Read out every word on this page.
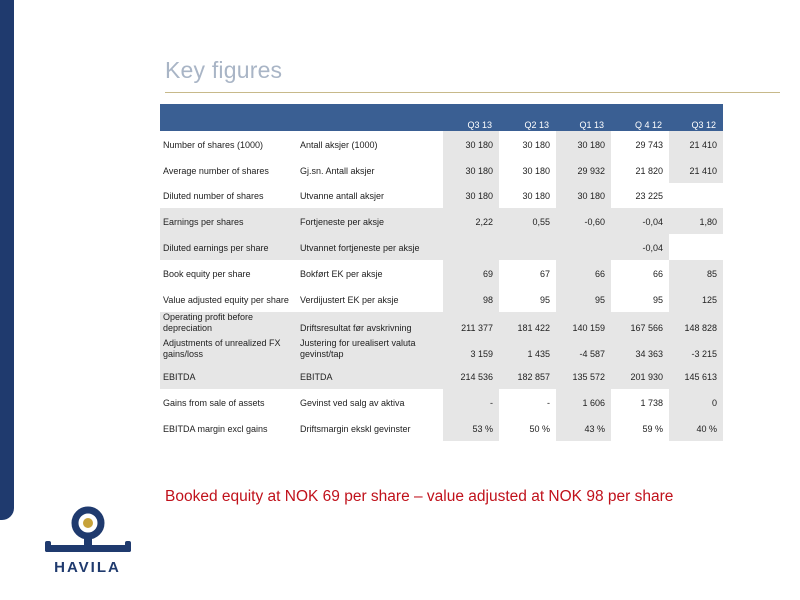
Key figures
		Q3 13	Q2 13	Q1 13	Q 4 12	Q3 12
Number of shares (1000)	Antall aksjer (1000)	30 180	30 180	30 180	29 743	21 410
Average number of shares	Gj.sn. Antall aksjer	30 180	30 180	29 932	21 820	21 410
Diluted number of shares	Utvanne antall aksjer	30 180	30 180	30 180	23 225	
Earnings per shares	Fortjeneste per aksje	2,22	0,55	-0,60	-0,04	1,80
Diluted earnings per share	Utvannet fortjeneste per aksje				-0,04	
Book equity per share	Bokført EK per aksje	69	67	66	66	85
Value adjusted equity per share	Verdijustert EK per aksje	98	95	95	95	125
Operating profit before depreciation	Driftsresultat før avskrivning	211 377	181 422	140 159	167 566	148 828
Adjustments of unrealized FX gains/loss	Justering for urealisert valuta gevinst/tap	3 159	1 435	-4 587	34 363	-3 215
EBITDA	EBITDA	214 536	182 857	135 572	201 930	145 613
Gains from sale of assets	Gevinst ved salg av aktiva	-	-	1 606	1 738	0
EBITDA margin excl gains	Driftsmargin ekskl gevinster	53 %	50 %	43 %	59 %	40 %
Booked equity at NOK 69 per share – value adjusted at NOK 98 per share
HAVILA
